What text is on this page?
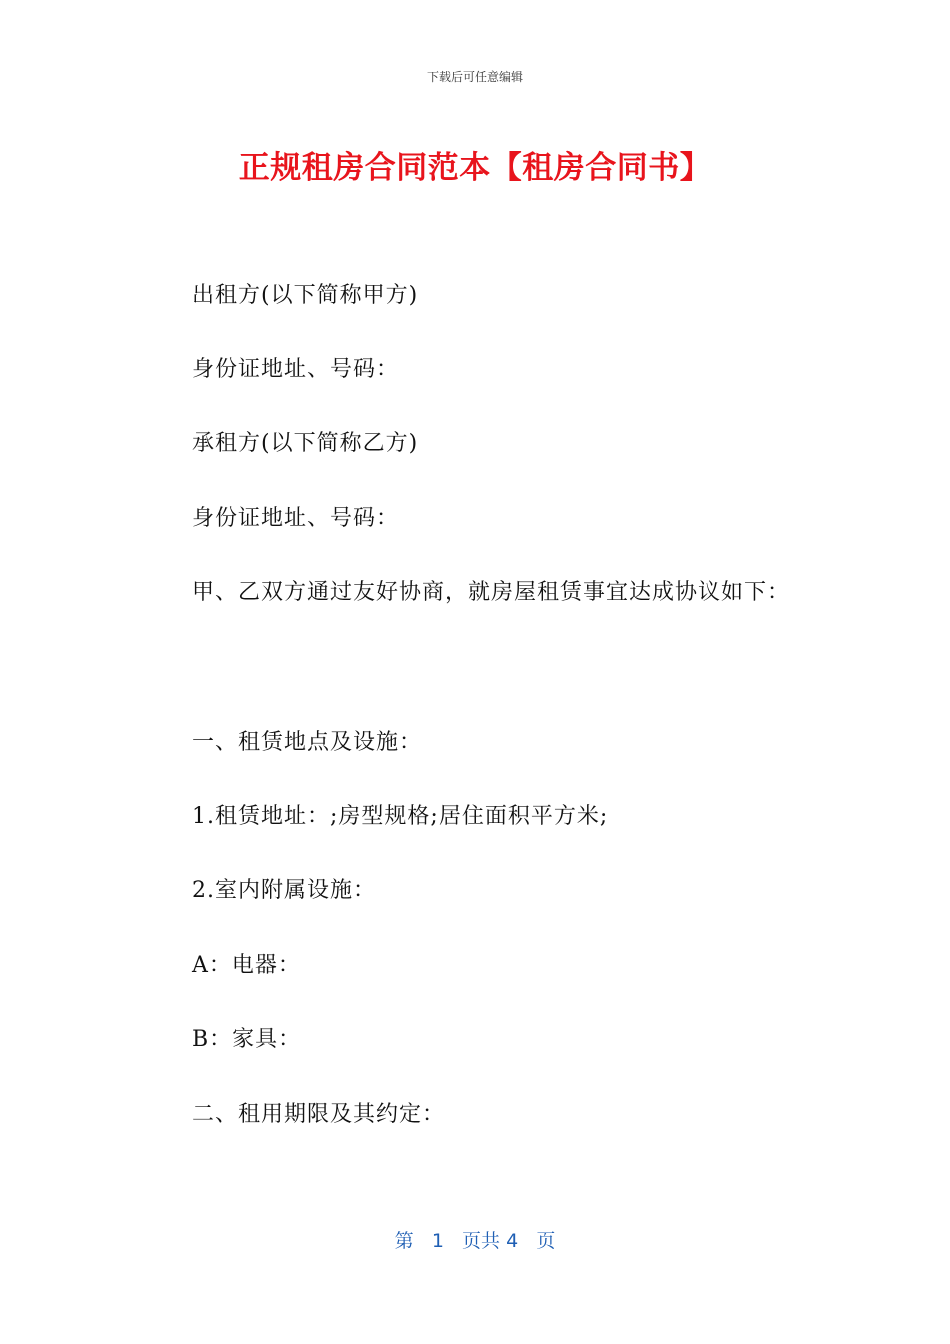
下载后可任意编辑
正规租房合同范本【租房合同书】
出租方(以下简称甲方)
身份证地址、号码：
承租方(以下简称乙方)
身份证地址、号码：
甲、乙双方通过友好协商，就房屋租赁事宜达成协议如下：
一、租赁地点及设施：
1.租赁地址：;房型规格;居住面积平方米;
2.室内附属设施：
A：电器：
B：家具：
二、租用期限及其约定：
第 1 页共 4 页
